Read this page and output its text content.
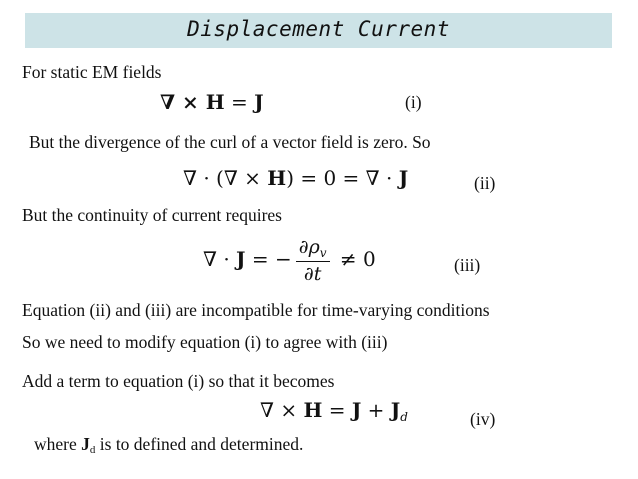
Displacement Current
For static EM fields
∇ × H = J	(i)
But the divergence of the curl of a vector field is zero. So
∇ · (∇ × H) = 0 = ∇ · J	(ii)
But the continuity of current requires
∇ · J = − $\frac{\partial\rho_v}{\partial t} \ne 0$	(iii)
Equation (ii) and (iii) are incompatible for time-varying conditions
So we need to modify equation (i) to agree with (iii)
Add a term to equation (i) so that it becomes
∇ × $H = J + J_d$	(iv)
where Jd is to defined and determined.
